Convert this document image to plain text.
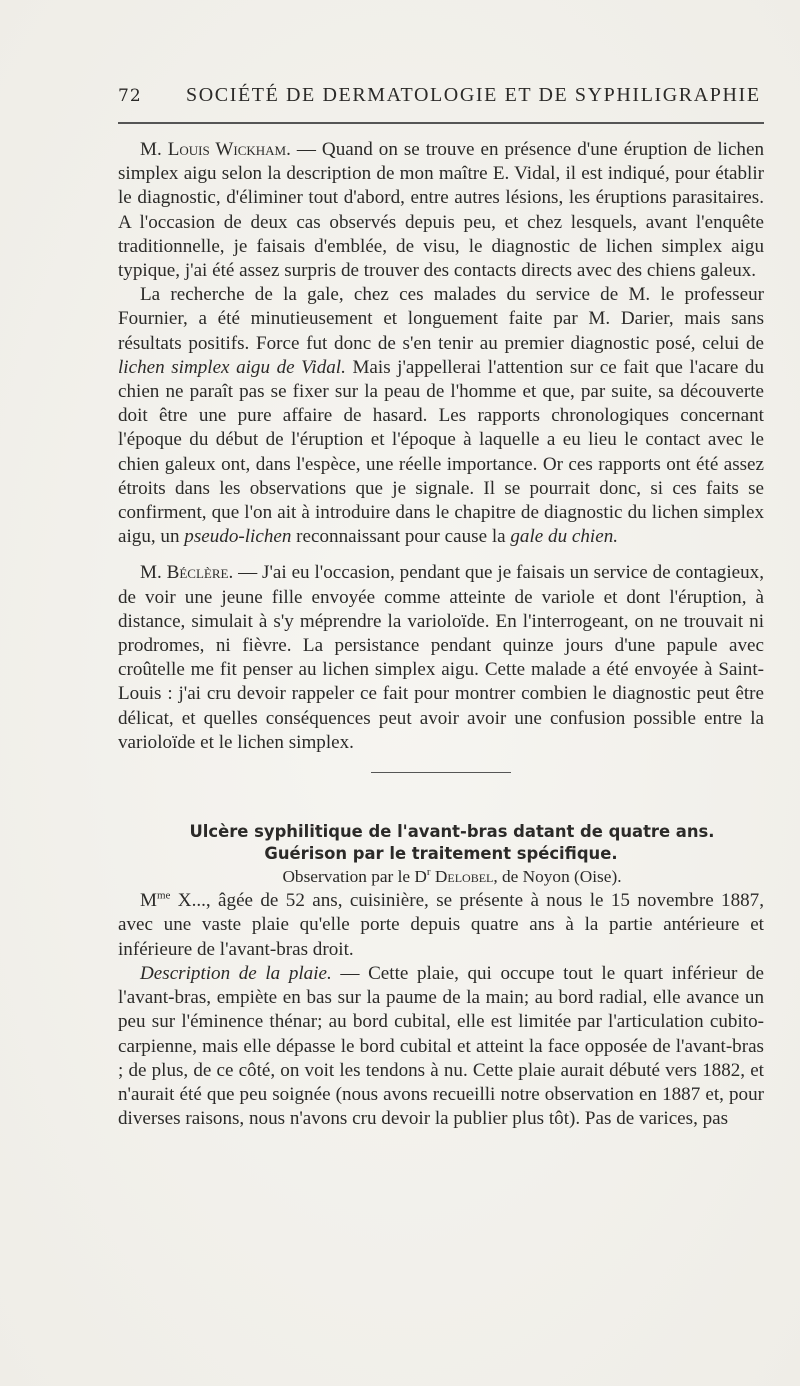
72 SOCIÉTÉ DE DERMATOLOGIE ET DE SYPHILIGRAPHIE

M. Louis Wickham. — Quand on se trouve en présence d'une éruption de lichen simplex aigu selon la description de mon maître E. Vidal, il est indiqué, pour établir le diagnostic, d'éliminer tout d'abord, entre autres lésions, les éruptions parasitaires. A l'occasion de deux cas observés depuis peu, et chez lesquels, avant l'enquête traditionnelle, je faisais d'emblée, de visu, le diagnostic de lichen simplex aigu typique, j'ai été assez surpris de trouver des contacts directs avec des chiens galeux.

La recherche de la gale, chez ces malades du service de M. le professeur Fournier, a été minutieusement et longuement faite par M. Darier, mais sans résultats positifs. Force fut donc de s'en tenir au premier diagnostic posé, celui de lichen simplex aigu de Vidal. Mais j'appellerai l'attention sur ce fait que l'acare du chien ne paraît pas se fixer sur la peau de l'homme et que, par suite, sa découverte doit être une pure affaire de hasard. Les rapports chronologiques concernant l'époque du début de l'éruption et l'époque à laquelle a eu lieu le contact avec le chien galeux ont, dans l'espèce, une réelle importance. Or ces rapports ont été assez étroits dans les observations que je signale. Il se pourrait donc, si ces faits se confirment, que l'on ait à introduire dans le chapitre de diagnostic du lichen simplex aigu, un pseudo-lichen reconnaissant pour cause la gale du chien.

M. Béclère. — J'ai eu l'occasion, pendant que je faisais un service de contagieux, de voir une jeune fille envoyée comme atteinte de variole et dont l'éruption, à distance, simulait à s'y méprendre la varioloïde. En l'interrogeant, on ne trouvait ni prodromes, ni fièvre. La persistance pendant quinze jours d'une papule avec croûtelle me fit penser au lichen simplex aigu. Cette malade a été envoyée à Saint-Louis : j'ai cru devoir rappeler ce fait pour montrer combien le diagnostic peut être délicat, et quelles conséquences peut avoir avoir une confusion possible entre la varioloïde et le lichen simplex.

Ulcère syphilitique de l'avant-bras datant de quatre ans. Guérison par le traitement spécifique.

Observation par le $D^r$ Delobel, de Noyon (Oise).

$M^{me}$ X..., âgée de 52 ans, cuisinière, se présente à nous le 15 novembre 1887, avec une vaste plaie qu'elle porte depuis quatre ans à la partie antérieure et inférieure de l'avant-bras droit.

Description de la plaie. — Cette plaie, qui occupe tout le quart inférieur de l'avant-bras, empiète en bas sur la paume de la main; au bord radial, elle avance un peu sur l'éminence thénar; au bord cubital, elle est limitée par l'articulation cubito-carpienne, mais elle dépasse le bord cubital et atteint la face opposée de l'avant-bras ; de plus, de ce côté, on voit les tendons à nu. Cette plaie aurait débuté vers 1882, et n'aurait été que peu soignée (nous avons recueilli notre observation en 1887 et, pour diverses raisons, nous n'avons cru devoir la publier plus tôt). Pas de varices, pas
